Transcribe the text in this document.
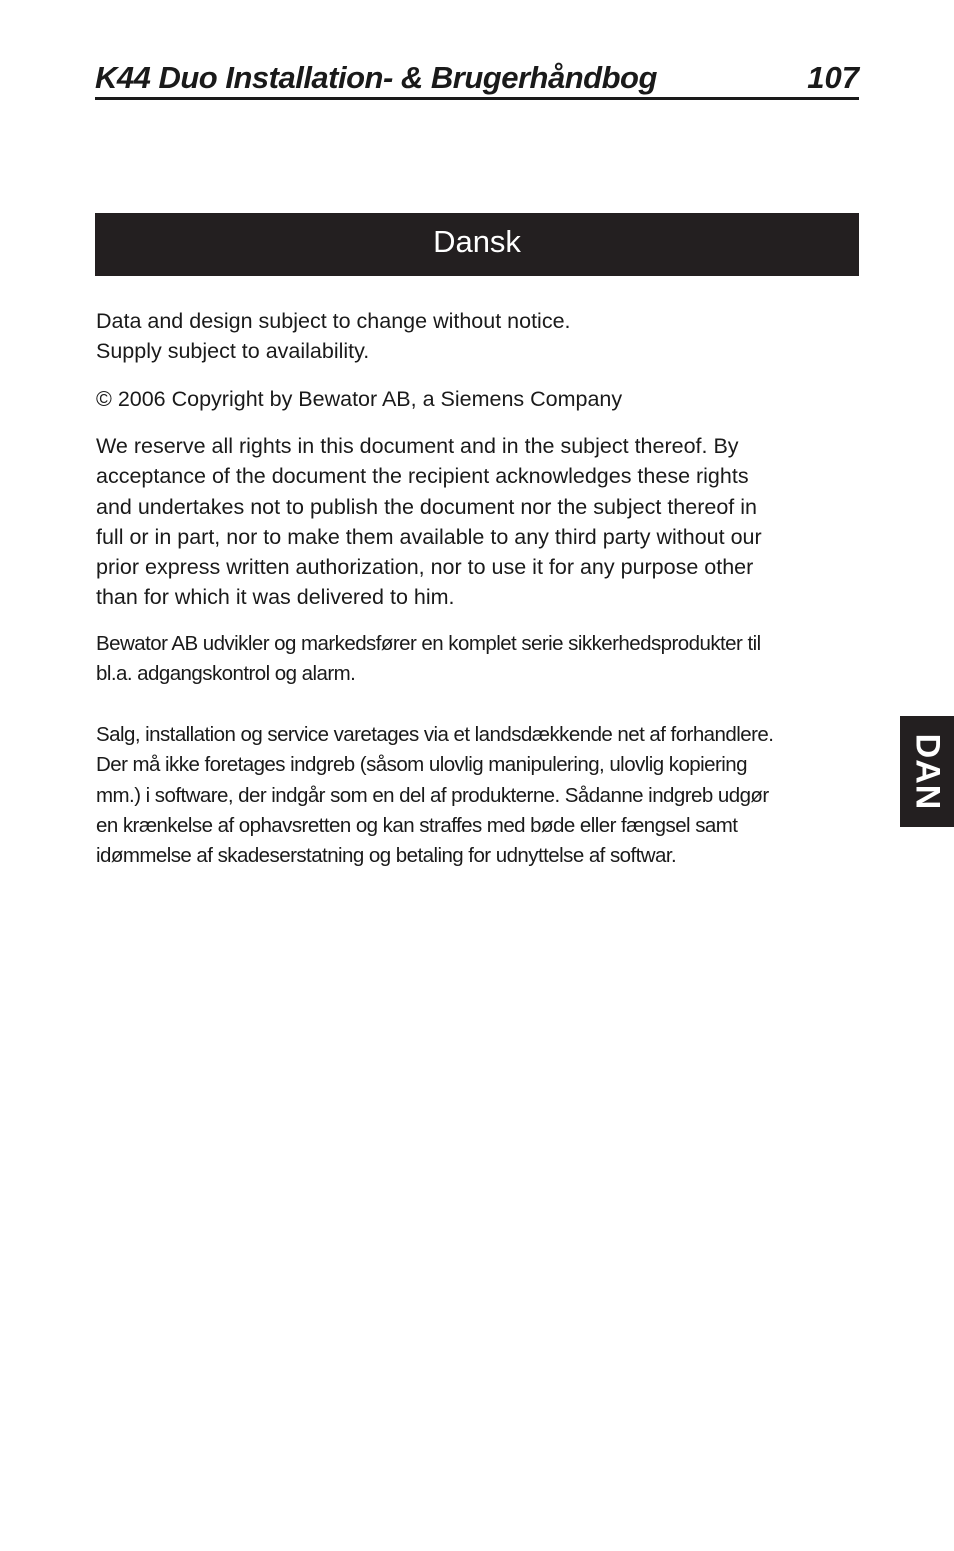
K44 Duo Installation- & Brugerhåndbog	107
Dansk

Data and design subject to change without notice.
Supply subject to availability.

© 2006 Copyright by Bewator AB, a Siemens Company

We reserve all rights in this document and in the subject thereof. By
acceptance of the document the recipient acknowledges these rights
and undertakes not to publish the document nor the subject thereof in
full or in part, nor to make them available to any third party without our
prior express written authorization, nor to use it for any purpose other
than for which it was delivered to him.

Bewator AB udvikler og markedsfører en komplet serie sikkerhedsprodukter til
bl.a. adgangskontrol og alarm.

Salg, installation og service varetages via et landsdækkende net af forhandlere.
Der må ikke foretages indgreb (såsom ulovlig manipulering, ulovlig kopiering
mm.) i software, der indgår som en del af produkterne. Sådanne indgreb udgør
en krænkelse af ophavsretten og kan straffes med bøde eller fængsel samt
idømmelse af skadeserstatning og betaling for udnyttelse af softwar.

DAN
